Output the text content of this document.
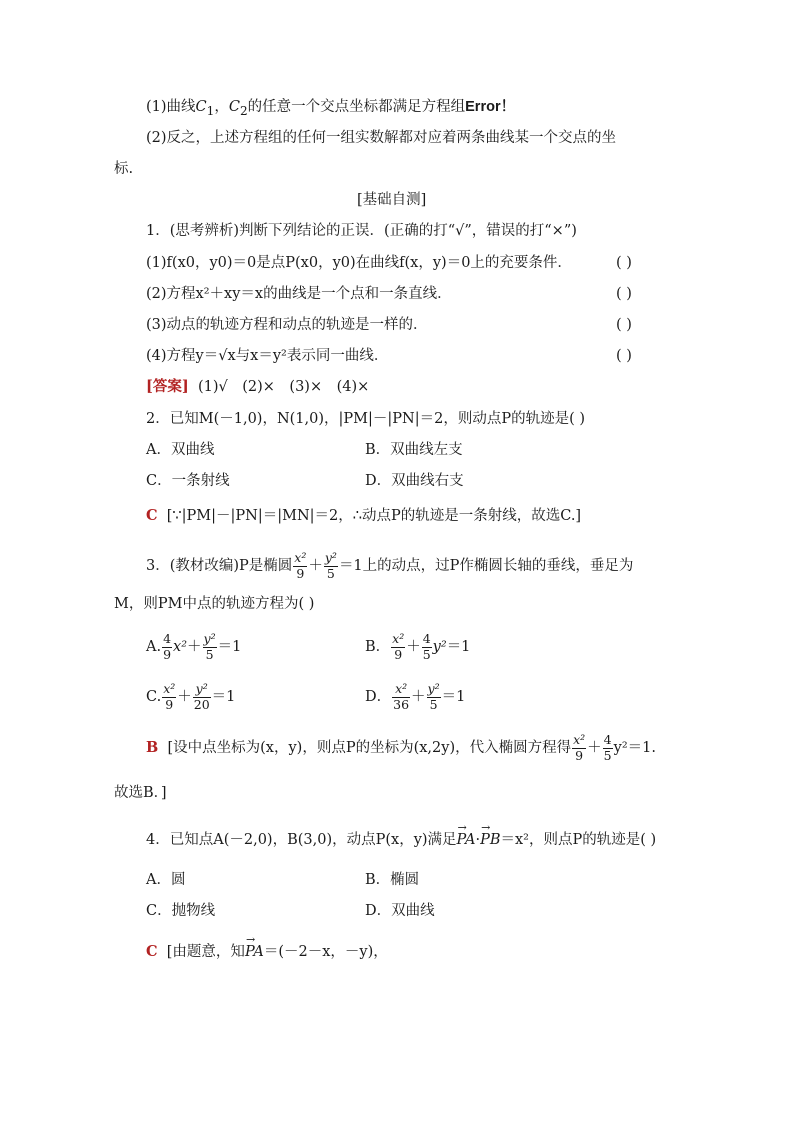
(1)曲线$C_1$，$C_2$的任意一个交点坐标都满足方程组Error！
(2)反之，上述方程组的任何一组实数解都对应着两条曲线某一个交点的坐
标.
[基础自测]
1．(思考辨析)判断下列结论的正误．(正确的打“√”，错误的打“×”)
(1)f(x0，y0)＝0是点P(x0，y0)在曲线f(x，y)＝0上的充要条件．	( )
(2)方程x²＋xy＝x的曲线是一个点和一条直线．	( )
(3)动点的轨迹方程和动点的轨迹是一样的．	( )
(4)方程y＝√x与x＝y²表示同一曲线．	( )
[答案] (1)√　(2)×　(3)×　(4)×
2．已知M(－1,0)，N(1,0)，|PM|－|PN|＝2，则动点P的轨迹是( )
A．双曲线	B．双曲线左支
C．一条射线	D．双曲线右支
C [∵|PM|－|PN|＝|MN|＝2，∴动点P的轨迹是一条射线，故选C.]
3．(教材改编)P是椭圆 $\frac{\text{x²}}{9} + \frac{\text{y²}}{5} =1$上的动点，过P作椭圆长轴的垂线，垂足为
M，则PM中点的轨迹方程为( )
A. $\frac{4}{9} x^2+ \frac{\text{y²}}{5} =1$	B． $\frac{\text{x²}}{9} + \frac{4}{5} y^2=1$
C. $\frac{\text{x²}}{9} + \frac{\text{y²}}{20} =1$	D． $\frac{\text{x²}}{36} + \frac{\text{y²}}{5} =1$
B [设中点坐标为(x，y)，则点P的坐标为(x,2y)，代入椭圆方程得 $\frac{\text{x²}}{9} + \frac{4}{5} y^2=1$.
故选B．]
4．已知点A(－2,0)，B(3,0)，动点P(x，y)满足→ PA·→ PB＝x²，则点P的轨迹是( )
A．圆	B．椭圆
C．抛物线	D．双曲线
C [由题意，知→ PA＝(－2－x，－y)，
